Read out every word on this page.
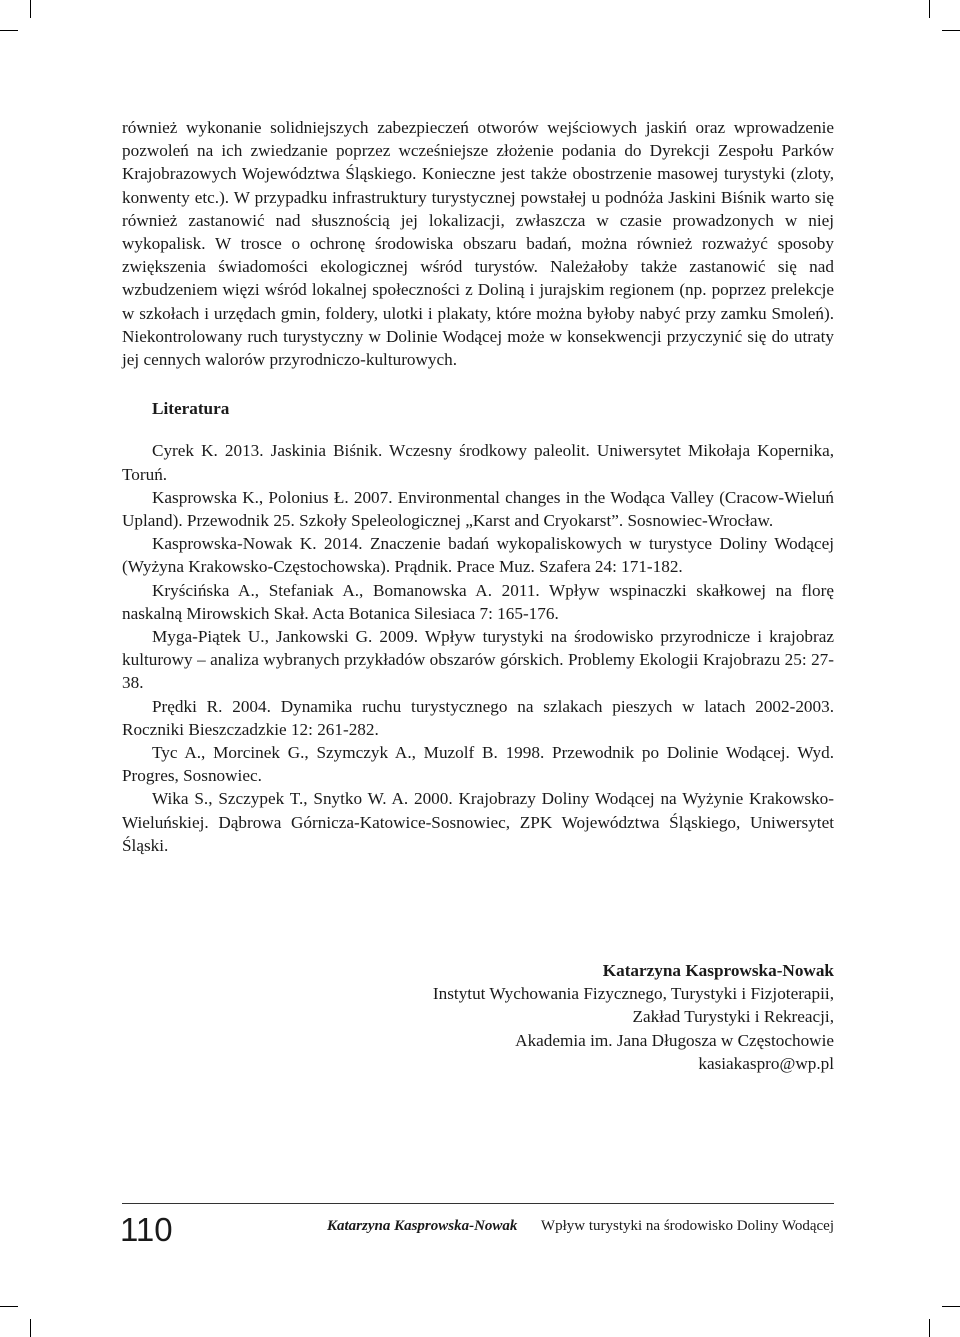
również wykonanie solidniejszych zabezpieczeń otworów wejściowych jaskiń oraz wprowadzenie pozwoleń na ich zwiedzanie poprzez wcześniejsze złożenie podania do Dyrekcji Zespołu Parków Krajobrazowych Województwa Śląskiego. Konieczne jest także obostrzenie masowej turystyki (zloty, konwenty etc.). W przypadku infrastruktury turystycznej powstałej u podnóża Jaskini Biśnik warto się również zastanowić nad słusznością jej lokalizacji, zwłaszcza w czasie prowadzonych w niej wykopalisk. W trosce o ochronę środowiska obszaru badań, można również rozważyć sposoby zwiększenia świadomości ekologicznej wśród turystów. Należałoby także zastanowić się nad wzbudzeniem więzi wśród lokalnej społeczności z Doliną i jurajskim regionem (np. poprzez prelekcje w szkołach i urzędach gmin, foldery, ulotki i plakaty, które można byłoby nabyć przy zamku Smoleń). Niekontrolowany ruch turystyczny w Dolinie Wodącej może w konsekwencji przyczynić się do utraty jej cennych walorów przyrodniczo-kulturowych.

Literatura

Cyrek K. 2013. Jaskinia Biśnik. Wczesny środkowy paleolit. Uniwersytet Mikołaja Kopernika, Toruń.

Kasprowska K., Polonius Ł. 2007. Environmental changes in the Wodąca Valley (Cracow-Wieluń Upland). Przewodnik 25. Szkoły Speleologicznej „Karst and Cryokarst”. Sosnowiec-Wrocław.

Kasprowska-Nowak K. 2014. Znaczenie badań wykopaliskowych w turystyce Doliny Wodącej (Wyżyna Krakowsko-Częstochowska). Prądnik. Prace Muz. Szafera 24: 171-182.

Kryścińska A., Stefaniak A., Bomanowska A. 2011. Wpływ wspinaczki skałkowej na florę naskalną Mirowskich Skał. Acta Botanica Silesiaca 7: 165-176.

Myga-Piątek U., Jankowski G. 2009. Wpływ turystyki na środowisko przyrodnicze i krajobraz kulturowy – analiza wybranych przykładów obszarów górskich. Problemy Ekologii Krajobrazu 25: 27-38.

Prędki R. 2004. Dynamika ruchu turystycznego na szlakach pieszych w latach 2002-2003. Roczniki Bieszczadzkie 12: 261-282.

Tyc A., Morcinek G., Szymczyk A., Muzolf B. 1998. Przewodnik po Dolinie Wodącej. Wyd. Progres, Sosnowiec.

Wika S., Szczypek T., Snytko W. A. 2000. Krajobrazy Doliny Wodącej na Wyżynie Krakowsko-Wieluńskiej. Dąbrowa Górnicza-Katowice-Sosnowiec, ZPK Województwa Śląskiego, Uniwersytet Śląski.

Katarzyna Kasprowska-Nowak
Instytut Wychowania Fizycznego, Turystyki i Fizjoterapii,
Zakład Turystyki i Rekreacji,
Akademia im. Jana Długosza w Częstochowie
kasiakaspro@wp.pl
110	Katarzyna Kasprowska-Nowak Wpływ turystyki na środowisko Doliny Wodącej
